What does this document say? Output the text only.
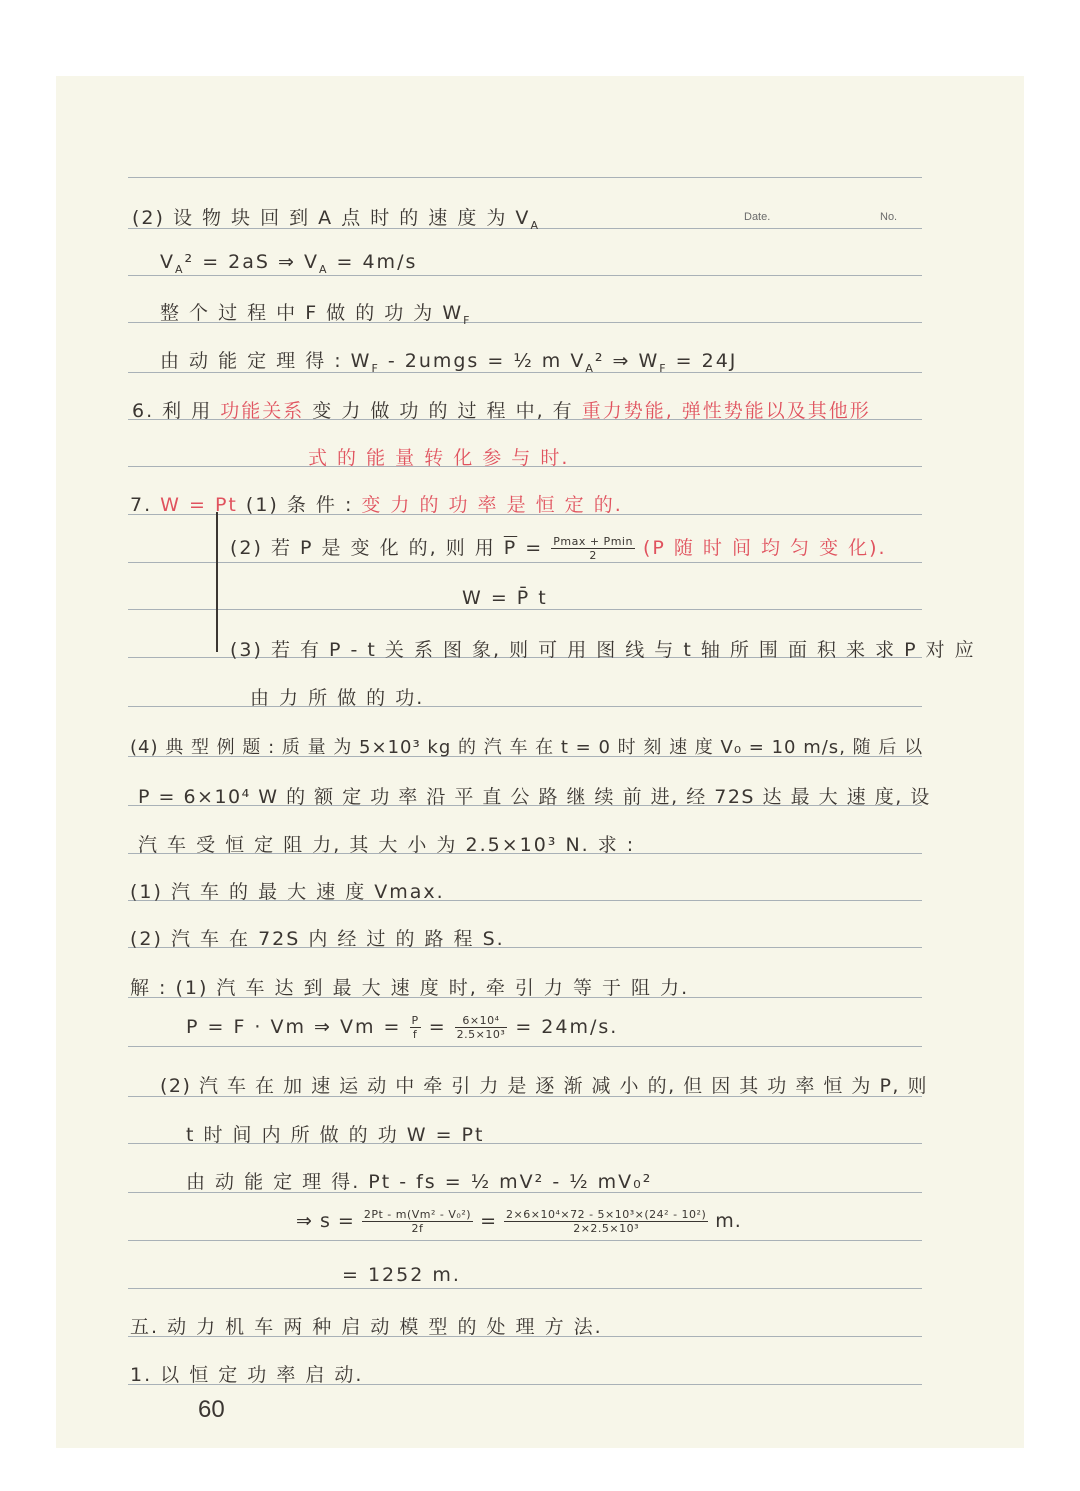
Date.	No.
(2) 设 物 块 回 到 A 点 时 的 速 度 为 $V_A$
$V_A^2 = 2aS$ ⇒ $V_A = 4m/s$
整 个 过 程 中 F 做 的 功 为 $W_F$
由 动 能 定 理 得 : $W_F$ - 2umgs = ½ m $V_A^2$ ⇒ $W_F = 24J$
6. 利 用 功能关系 变 力 做 功 的 过 程 中, 有 重力势能, 弹性势能以及其他形
式 的 能 量 转 化 参 与 时.
7. W = Pt (1) 条 件 : 变 力 的 功 率 是 恒 定 的.
(2) 若 P 是 变 化 的, 则 用 $\overline{P} = \frac{Pmax + Pmin}{2} (P$ 随 时 间 均 匀 变 化).
W = P̄ t
(3) 若 有 P - t 关 系 图 象, 则 可 用 图 线 与 t 轴 所 围 面 积 来 求 P 对 应
由 力 所 做 的 功.
(4) 典 型 例 题 : 质 量 为 5×10³ kg 的 汽 车 在 t = 0 时 刻 速 度 V₀ = 10 m/s, 随 后 以
P = 6×10⁴ W 的 额 定 功 率 沿 平 直 公 路 继 续 前 进, 经 72S 达 最 大 速 度, 设
汽 车 受 恒 定 阻 力, 其 大 小 为 2.5×10³ N. 求 :
(1) 汽 车 的 最 大 速 度 Vmax.
(2) 汽 车 在 72S 内 经 过 的 路 程 S.
解 : (1) 汽 车 达 到 最 大 速 度 时, 牵 引 力 等 于 阻 力.
P = F · Vm ⇒ $Vm = \frac{P}{f} = \frac{\text{6×10⁴}}{\text{2.5×10³}} = 24m/s$.
(2) 汽 车 在 加 速 运 动 中 牵 引 力 是 逐 渐 减 小 的, 但 因 其 功 率 恒 为 P, 则
t 时 间 内 所 做 的 功 W = Pt
由 动 能 定 理 得. Pt - fs = ½ mV² - ½ mV₀²
⇒ $s = \frac{\text{2Pt - m(Vm² - V₀²)}}{2f} = \frac{\text{2×6×10⁴×72 - 5×10³×(24² - 10²)}}{\text{2×2.5×10³}} m$.
= 1252 m.
五. 动 力 机 车 两 种 启 动 模 型 的 处 理 方 法.
1. 以 恒 定 功 率 启 动.
60
